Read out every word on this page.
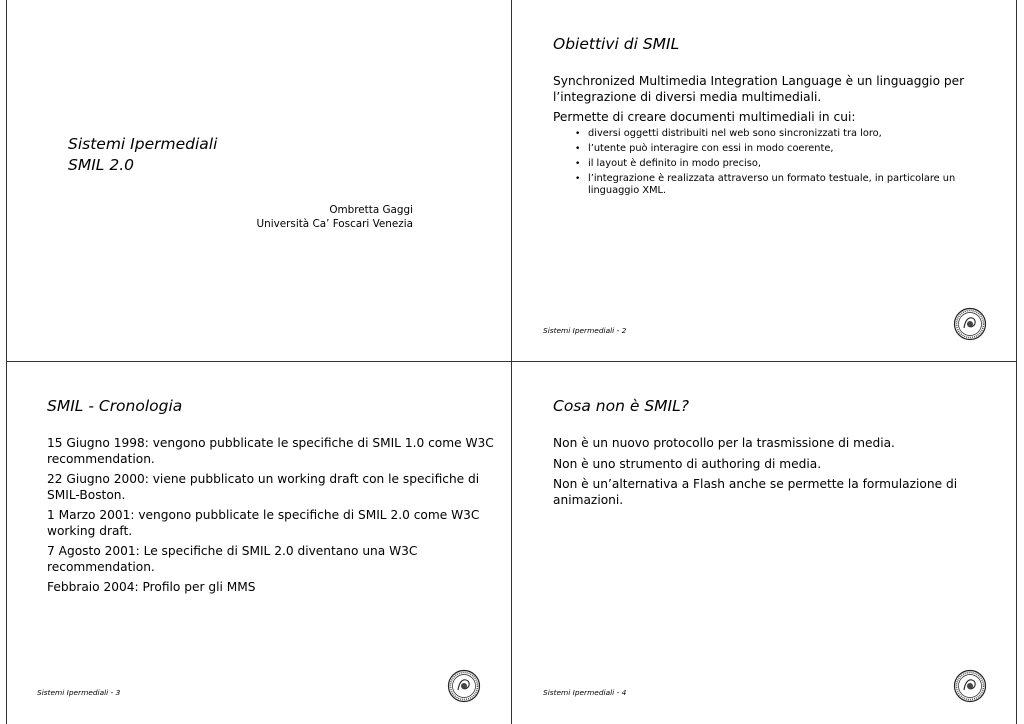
Sistemi Ipermediali
SMIL 2.0
Ombretta Gaggi
Università Ca’ Foscari Venezia
Obiettivi di SMIL
Synchronized Multimedia Integration Language è un linguaggio per
l’integrazione di diversi media multimediali.
Permette di creare documenti multimediali in cui:
• diversi oggetti distribuiti nel web sono sincronizzati tra loro,
• l’utente può interagire con essi in modo coerente,
• il layout è definito in modo preciso,
• l’integrazione è realizzata attraverso un formato testuale, in particolare un
linguaggio XML.
Sistemi Ipermediali - 2
SMIL - Cronologia
15 Giugno 1998: vengono pubblicate le specifiche di SMIL 1.0 come W3C
recommendation.
22 Giugno 2000: viene pubblicato un working draft con le specifiche di
SMIL-Boston.
1 Marzo 2001: vengono pubblicate le specifiche di SMIL 2.0 come W3C
working draft.
7 Agosto 2001: Le specifiche di SMIL 2.0 diventano una W3C
recommendation.
Febbraio 2004: Profilo per gli MMS
Sistemi Ipermediali - 3
Cosa non è SMIL?
Non è un nuovo protocollo per la trasmissione di media.
Non è uno strumento di authoring di media.
Non è un’alternativa a Flash anche se permette la formulazione di
animazioni.
Sistemi Ipermediali - 4
